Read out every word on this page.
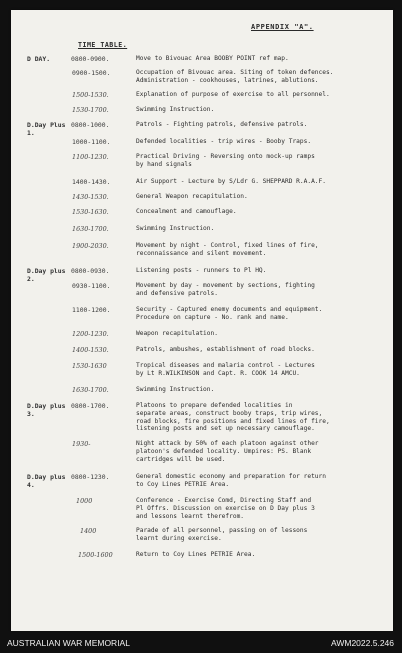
APPENDIX "A".
TIME TABLE.
D DAY.	0800-0900.	Move to Bivouac Area BOOBY POINT ref map.
0900-1500.	Occupation of Bivouac area. Siting of token defences.
Administration - cookhouses, latrines, ablutions.
1500-1530.	Explanation of purpose of exercise to all personnel.
1530-1700.	Swimming Instruction.
D.Day Plus
1.
0800-1000.	Patrols - Fighting patrols, defensive patrols.
1000-1100.	Defended localities - trip wires - Booby Traps.
1100-1230.	Practical Driving - Reversing onto mock-up ramps
by hand signals
1400-1430.	Air Support - Lecture by S/Ldr G. SHEPPARD R.A.A.F.
1430-1530.	General Weapon recapitulation.
1530-1630.	Concealment and camouflage.
1630-1700.	Swimming Instruction.
1900-2030.	Movement by night - Control, fixed lines of fire,
reconnaissance and silent movement.
D.Day plus
2.
0800-0930.	Listening posts - runners to Pl HQ.
0930-1100.	Movement by day - movement by sections, fighting
and defensive patrols.
1100-1200.	Security - Captured enemy documents and equipment.
Procedure on capture - No. rank and name.
1200-1230.	Weapon recapitulation.
1400-1530.	Patrols, ambushes, establishment of road blocks.
1530-1630	Tropical diseases and malaria control - Lectures
by Lt R.WILKINSON and Capt. R. COOK 14 AMCU.
1630-1700.	Swimming Instruction.
D.Day plus
3.
0800-1700.	Platoons to prepare defended localities in
separate areas, construct booby traps, trip wires,
road blocks, fire positions and fixed lines of fire,
listening posts and set up necessary camouflage.
1930-	Night attack by 50% of each platoon against other
platoon's defended locality. Umpires: PS. Blank
cartridges will be used.
D.Day plus
4.
0800-1230.	General domestic economy and preparation for return
to Coy Lines PETRIE Area.
1000	Conference - Exercise Comd, Directing Staff and
Pl Offrs. Discussion on exercise on D Day plus 3
and lessons learnt therefrom.
1400	Parade of all personnel, passing on of lessons
learnt during exercise.
1500-1600	Return to Coy Lines PETRIE Area.
AUSTRALIAN WAR MEMORIAL	AWM2022.5.246
